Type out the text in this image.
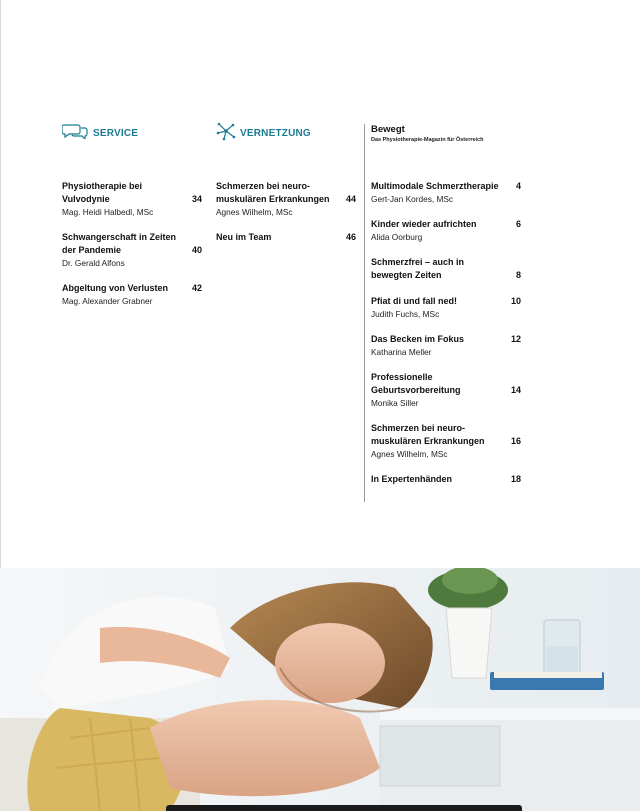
SERVICE
Physiotherapie bei Vulvodynie	34
Mag. Heidi Halbedl, MSc
Schwangerschaft in Zeiten der Pandemie	40
Dr. Gerald Alfons
Abgeltung von Verlusten	42
Mag. Alexander Grabner
VERNETZUNG
Schmerzen bei neuro-muskulären Erkrankungen	44
Agnes Wilhelm, MSc
Neu im Team	46
Bewegt
Das Physiotherapie-Magazin für Österreich
Multimodale Schmerztherapie	4
Gert-Jan Kordes, MSc
Kinder wieder aufrichten	6
Alida Oorburg
Schmerzfrei – auch in bewegten Zeiten	8
Pfiat di und fall ned!	10
Judith Fuchs, MSc
Das Becken im Fokus	12
Katharina Meller
Professionelle Geburtsvorbereitung	14
Monika Siller
Schmerzen bei neuro-muskulären Erkrankungen	16
Agnes Wilhelm, MSc
In Expertenhänden	18
